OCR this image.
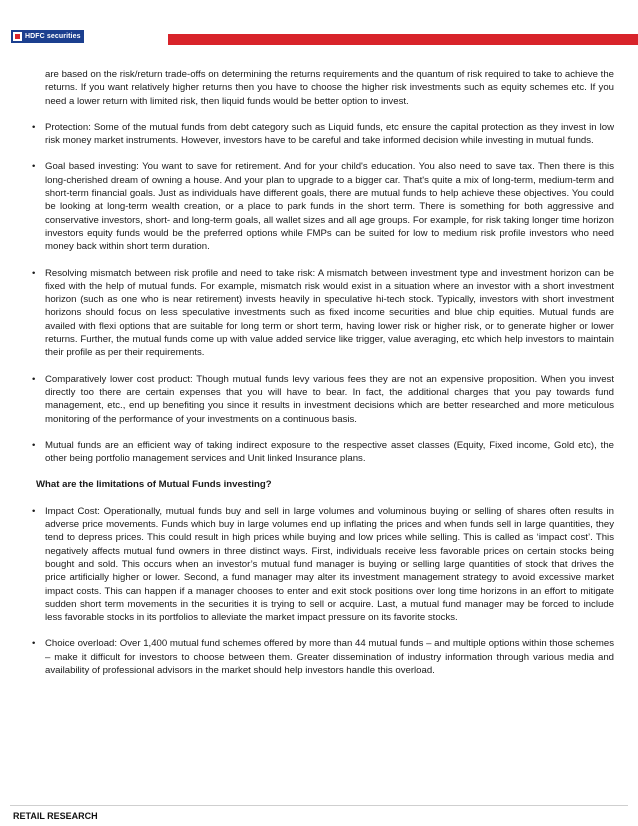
HDFC securities

are based on the risk/return trade-offs on determining the returns requirements and the quantum of risk required to take to achieve the returns. If you want relatively higher returns then you have to choose the higher risk investments such as equity schemes etc. If you need a lower return with limited risk, then liquid funds would be better option to invest.

• Protection: Some of the mutual funds from debt category such as Liquid funds, etc ensure the capital protection as they invest in low risk money market instruments. However, investors have to be careful and take informed decision while investing in mutual funds.
• Goal based investing: You want to save for retirement. And for your child's education. You also need to save tax. Then there is this long-cherished dream of owning a house. And your plan to upgrade to a bigger car. That's quite a mix of long-term, medium-term and short-term financial goals. Just as individuals have different goals, there are mutual funds to help achieve these objectives. You could be looking at long-term wealth creation, or a place to park funds in the short term. There is something for both aggressive and conservative investors, short- and long-term goals, all wallet sizes and all age groups. For example, for risk taking longer time horizon investors equity funds would be the preferred options while FMPs can be suited for low to medium risk profile investors who need money back within short term duration.
• Resolving mismatch between risk profile and need to take risk: A mismatch between investment type and investment horizon can be fixed with the help of mutual funds. For example, mismatch risk would exist in a situation where an investor with a short investment horizon (such as one who is near retirement) invests heavily in speculative hi-tech stock. Typically, investors with short investment horizons should focus on less speculative investments such as fixed income securities and blue chip equities. Mutual funds are availed with flexi options that are suitable for long term or short term, having lower risk or higher risk, or to generate higher or lower returns. Further, the mutual funds come up with value added service like trigger, value averaging, etc which help investors to maintain their profile as per their requirements.
• Comparatively lower cost product: Though mutual funds levy various fees they are not an expensive proposition. When you invest directly too there are certain expenses that you will have to bear. In fact, the additional charges that you pay towards fund management, etc., end up benefiting you since it results in investment decisions which are better researched and more meticulous monitoring of the performance of your investments on a continuous basis.
• Mutual funds are an efficient way of taking indirect exposure to the respective asset classes (Equity, Fixed income, Gold etc), the other being portfolio management services and Unit linked Insurance plans.

What are the limitations of Mutual Funds investing?

• Impact Cost: Operationally, mutual funds buy and sell in large volumes and voluminous buying or selling of shares often results in adverse price movements. Funds which buy in large volumes end up inflating the prices and when funds sell in large quantities, they tend to depress prices. This could result in high prices while buying and low prices while selling. This is called as ‘impact cost’. This negatively affects mutual fund owners in three distinct ways. First, individuals receive less favorable prices on certain stocks being bought and sold. This occurs when an investor’s mutual fund manager is buying or selling large quantities of stock that drives the price artificially higher or lower. Second, a fund manager may alter its investment management strategy to avoid excessive market impact costs. This can happen if a manager chooses to enter and exit stock positions over long time horizons in an effort to mitigate sudden short term movements in the securities it is trying to sell or acquire. Last, a mutual fund manager may be forced to include less favorable stocks in its portfolios to alleviate the market impact pressure on its favorite stocks.
• Choice overload: Over 1,400 mutual fund schemes offered by more than 44 mutual funds – and multiple options within those schemes – make it difficult for investors to choose between them. Greater dissemination of industry information through various media and availability of professional advisors in the market should help investors handle this overload.
RETAIL RESEARCH
